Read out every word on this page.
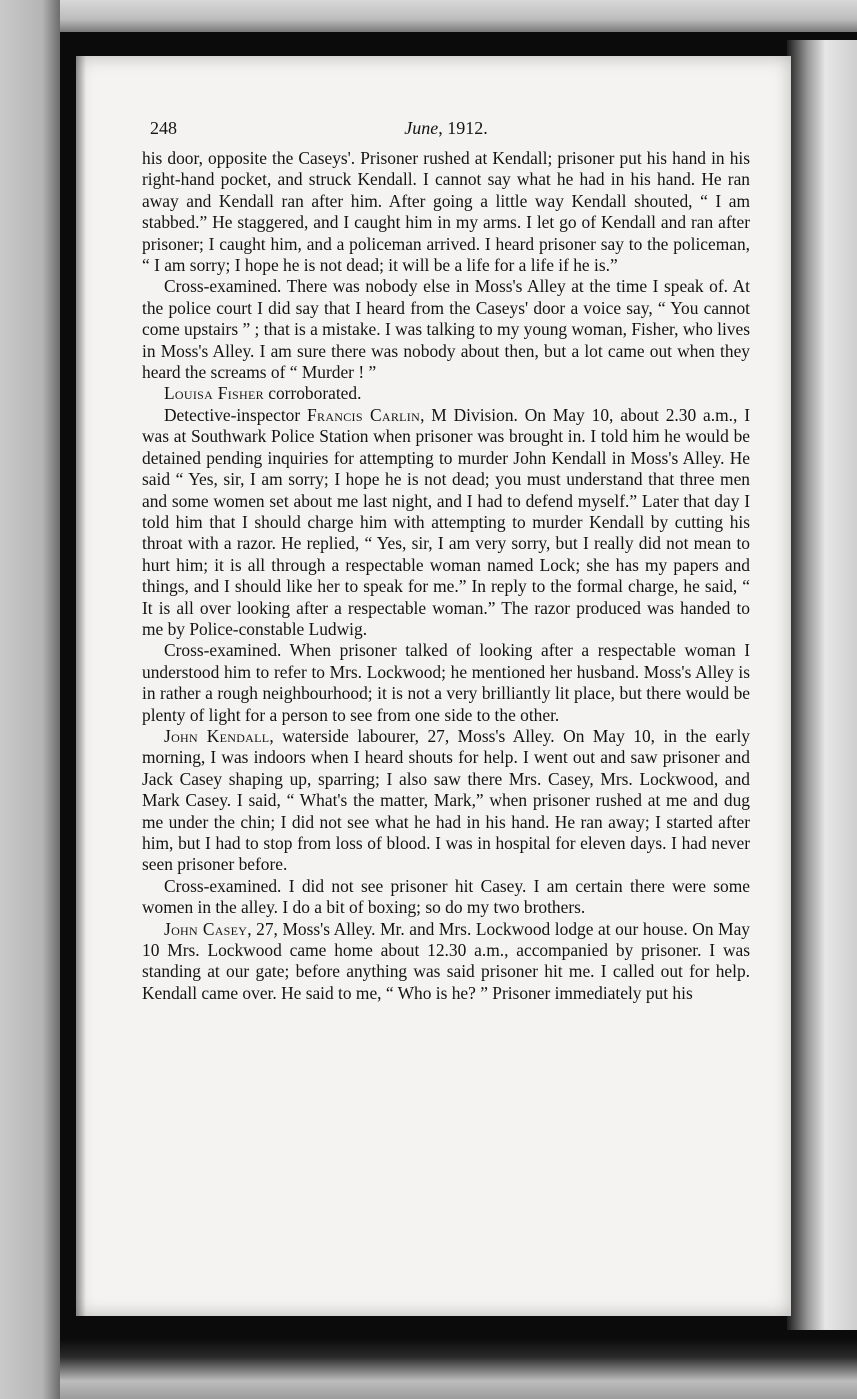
248	June, 1912.

his door, opposite the Caseys'. Prisoner rushed at Kendall; prisoner put his hand in his right-hand pocket, and struck Kendall. I cannot say what he had in his hand. He ran away and Kendall ran after him. After going a little way Kendall shouted, “ I am stabbed.” He staggered, and I caught him in my arms. I let go of Kendall and ran after prisoner; I caught him, and a policeman arrived. I heard prisoner say to the policeman, “ I am sorry; I hope he is not dead; it will be a life for a life if he is.”

Cross-examined. There was nobody else in Moss's Alley at the time I speak of. At the police court I did say that I heard from the Caseys' door a voice say, “ You cannot come upstairs ” ; that is a mistake. I was talking to my young woman, Fisher, who lives in Moss's Alley. I am sure there was nobody about then, but a lot came out when they heard the screams of “ Murder ! ”

Louisa Fisher corroborated.

Detective-inspector Francis Carlin, M Division. On May 10, about 2.30 a.m., I was at Southwark Police Station when prisoner was brought in. I told him he would be detained pending inquiries for attempting to murder John Kendall in Moss's Alley. He said “ Yes, sir, I am sorry; I hope he is not dead; you must understand that three men and some women set about me last night, and I had to defend myself.” Later that day I told him that I should charge him with attempting to murder Kendall by cutting his throat with a razor. He replied, “ Yes, sir, I am very sorry, but I really did not mean to hurt him; it is all through a respectable woman named Lock; she has my papers and things, and I should like her to speak for me.” In reply to the formal charge, he said, “ It is all over looking after a respectable woman.” The razor produced was handed to me by Police-constable Ludwig.

Cross-examined. When prisoner talked of looking after a respectable woman I understood him to refer to Mrs. Lockwood; he mentioned her husband. Moss's Alley is in rather a rough neighbourhood; it is not a very brilliantly lit place, but there would be plenty of light for a person to see from one side to the other.

John Kendall, waterside labourer, 27, Moss's Alley. On May 10, in the early morning, I was indoors when I heard shouts for help. I went out and saw prisoner and Jack Casey shaping up, sparring; I also saw there Mrs. Casey, Mrs. Lockwood, and Mark Casey. I said, “ What's the matter, Mark,” when prisoner rushed at me and dug me under the chin; I did not see what he had in his hand. He ran away; I started after him, but I had to stop from loss of blood. I was in hospital for eleven days. I had never seen prisoner before.

Cross-examined. I did not see prisoner hit Casey. I am certain there were some women in the alley. I do a bit of boxing; so do my two brothers.

John Casey, 27, Moss's Alley. Mr. and Mrs. Lockwood lodge at our house. On May 10 Mrs. Lockwood came home about 12.30 a.m., accompanied by prisoner. I was standing at our gate; before anything was said prisoner hit me. I called out for help. Kendall came over. He said to me, “ Who is he? ” Prisoner immediately put his
